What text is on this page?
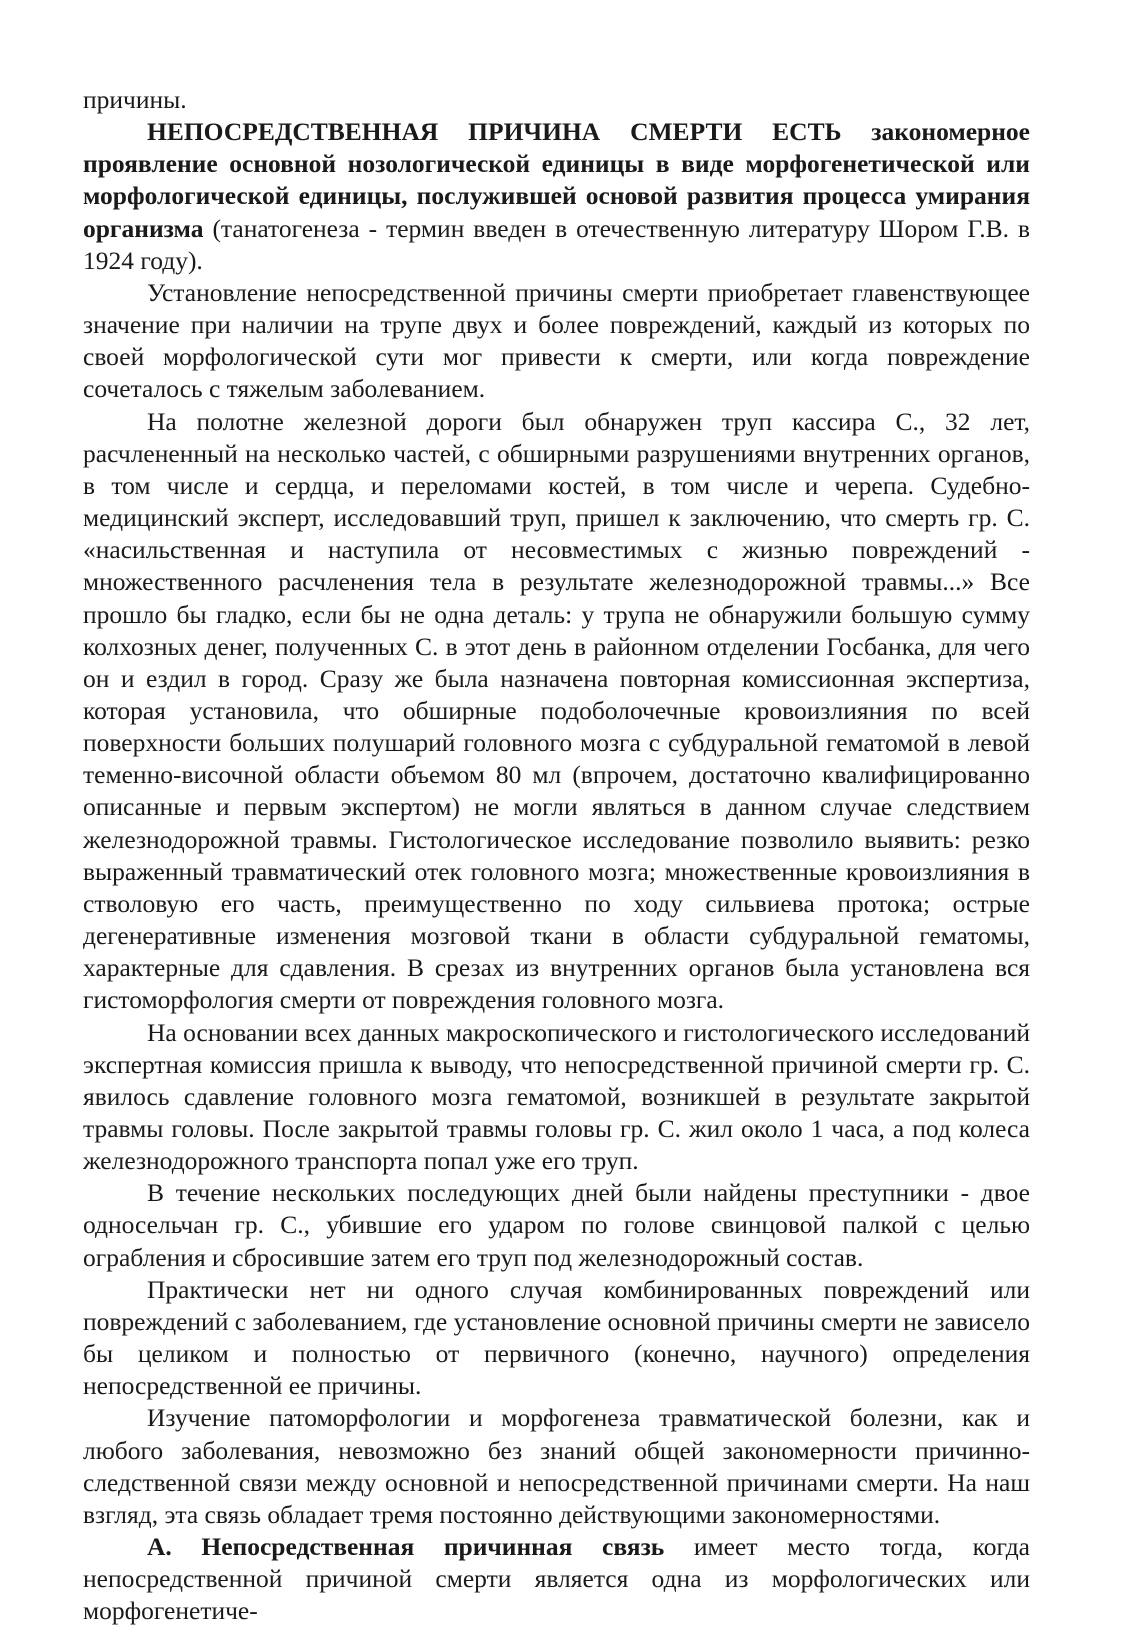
причины.

НЕПОСРЕДСТВЕННАЯ ПРИЧИНА СМЕРТИ ЕСТЬ закономерное проявление основной нозологической единицы в виде морфогенетической или морфологической единицы, послужившей основой развития процесса умирания организма (танатогенеза - термин введен в отечественную литературу Шором Г.В. в 1924 году).

Установление непосредственной причины смерти приобретает главенствующее значение при наличии на трупе двух и более повреждений, каждый из которых по своей морфологической сути мог привести к смерти, или когда повреждение сочеталось с тяжелым заболеванием.

На полотне железной дороги был обнаружен труп кассира С., 32 лет, расчлененный на несколько частей, с обширными разрушениями внутренних органов, в том числе и сердца, и переломами костей, в том числе и черепа. Судебно-медицинский эксперт, исследовавший труп, пришел к заключению, что смерть гр. С. «насильственная и наступила от несовместимых с жизнью повреждений - множественного расчленения тела в результате железнодорожной травмы...» Все прошло бы гладко, если бы не одна деталь: у трупа не обнаружили большую сумму колхозных денег, полученных С. в этот день в районном отделении Госбанка, для чего он и ездил в город. Сразу же была назначена повторная комиссионная экспертиза, которая установила, что обширные подоболочечные кровоизлияния по всей поверхности больших полушарий головного мозга с субдуральной гематомой в левой теменно-височной области объемом 80 мл (впрочем, достаточно квалифицированно описанные и первым экспертом) не могли являться в данном случае следствием железнодорожной травмы. Гистологическое исследование позволило выявить: резко выраженный травматический отек головного мозга; множественные кровоизлияния в стволовую его часть, преимущественно по ходу сильвиева протока; острые дегенеративные изменения мозговой ткани в области субдуральной гематомы, характерные для сдавления. В срезах из внутренних органов была установлена вся гистоморфология смерти от повреждения головного мозга.

На основании всех данных макроскопического и гистологического исследований экспертная комиссия пришла к выводу, что непосредственной причиной смерти гр. С. явилось сдавление головного мозга гематомой, возникшей в результате закрытой травмы головы. После закрытой травмы головы гр. С. жил около 1 часа, а под колеса железнодорожного транспорта попал уже его труп.

В течение нескольких последующих дней были найдены преступники - двое односельчан гр. С., убившие его ударом по голове свинцовой палкой с целью ограбления и сбросившие затем его труп под железнодорожный состав.

Практически нет ни одного случая комбинированных повреждений или повреждений с заболеванием, где установление основной причины смерти не зависело бы целиком и полностью от первичного (конечно, научного) определения непосредственной ее причины.

Изучение патоморфологии и морфогенеза травматической болезни, как и любого заболевания, невозможно без знаний общей закономерности причинно-следственной связи между основной и непосредственной причинами смерти. На наш взгляд, эта связь обладает тремя постоянно действующими закономерностями.

А. Непосредственная причинная связь имеет место тогда, когда непосредственной причиной смерти является одна из морфологических или морфогенетиче-
